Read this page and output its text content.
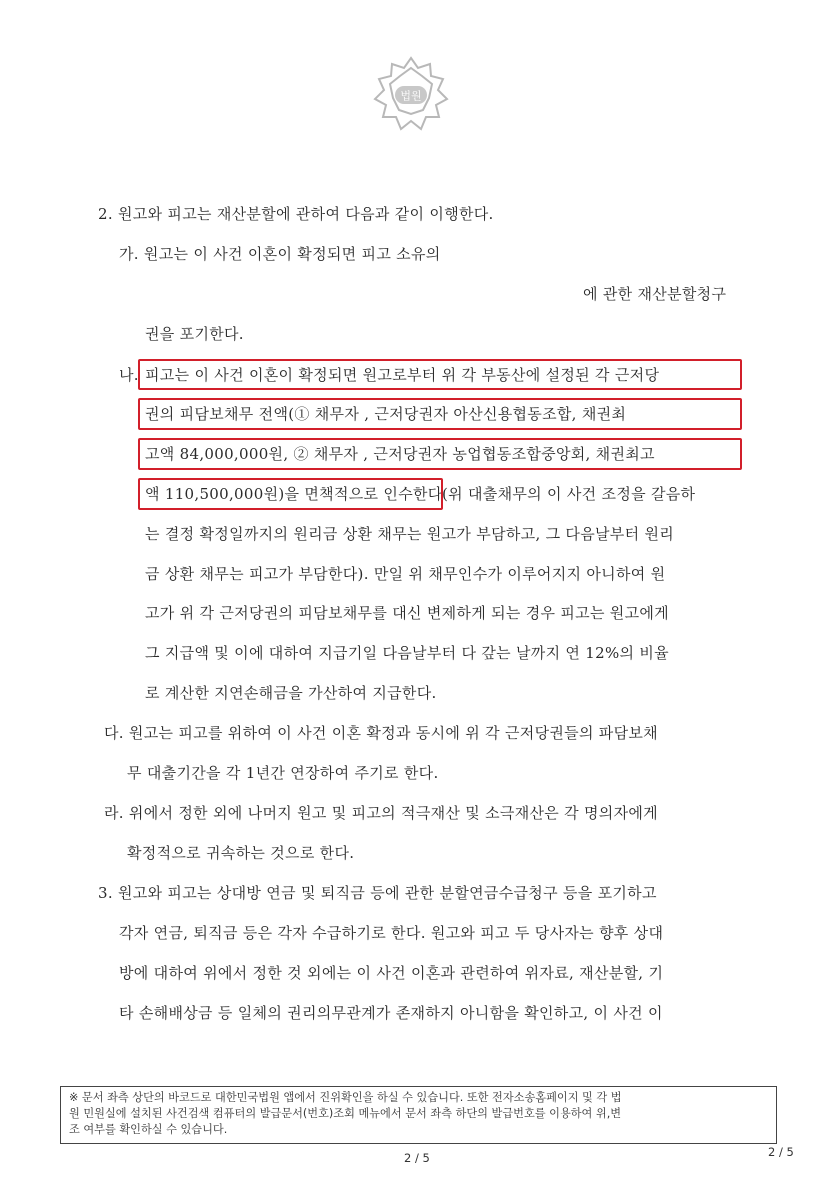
법원
2. 원고와 피고는 재산분할에 관하여 다음과 같이 이행한다.
가. 원고는 이 사건 이혼이 확정되면 피고 소유의
에 관한 재산분할청구
권을 포기한다.
나. 피고는 이 사건 이혼이 확정되면 원고로부터 위 각 부동산에 설정된 각 근저당
권의 피담보채무 전액(① 채무자 , 근저당권자 아산신용협동조합, 채권최
고액 84,000,000원, ② 채무자 , 근저당권자 농업협동조합중앙회, 채권최고
액 110,500,000원)을 면책적으로 인수한다 (위 대출채무의 이 사건 조정을 갈음하
는 결정 확정일까지의 원리금 상환 채무는 원고가 부담하고, 그 다음날부터 원리
금 상환 채무는 피고가 부담한다). 만일 위 채무인수가 이루어지지 아니하여 원
고가 위 각 근저당권의 피담보채무를 대신 변제하게 되는 경우 피고는 원고에게
그 지급액 및 이에 대하여 지급기일 다음날부터 다 갚는 날까지 연 12%의 비율
로 계산한 지연손해금을 가산하여 지급한다.
다. 원고는 피고를 위하여 이 사건 이혼 확정과 동시에 위 각 근저당권들의 파담보채
무 대출기간을 각 1년간 연장하여 주기로 한다.
라. 위에서 정한 외에 나머지 원고 및 피고의 적극재산 및 소극재산은 각 명의자에게
확정적으로 귀속하는 것으로 한다.
3. 원고와 피고는 상대방 연금 및 퇴직금 등에 관한 분할연금수급청구 등을 포기하고
각자 연금, 퇴직금 등은 각자 수급하기로 한다. 원고와 피고 두 당사자는 향후 상대
방에 대하여 위에서 정한 것 외에는 이 사건 이혼과 관련하여 위자료, 재산분할, 기
타 손해배상금 등 일체의 권리의무관계가 존재하지 아니함을 확인하고, 이 사건 이
※ 문서 좌측 상단의 바코드로 대한민국법원 앱에서 진위확인을 하실 수 있습니다. 또한 전자소송홈페이지 및 각 법
원 민원실에 설치된 사건검색 컴퓨터의 발급문서(번호)조회 메뉴에서 문서 좌측 하단의 발급번호를 이용하여 위,변
조 여부를 확인하실 수 있습니다.
2 / 5	2 / 5
